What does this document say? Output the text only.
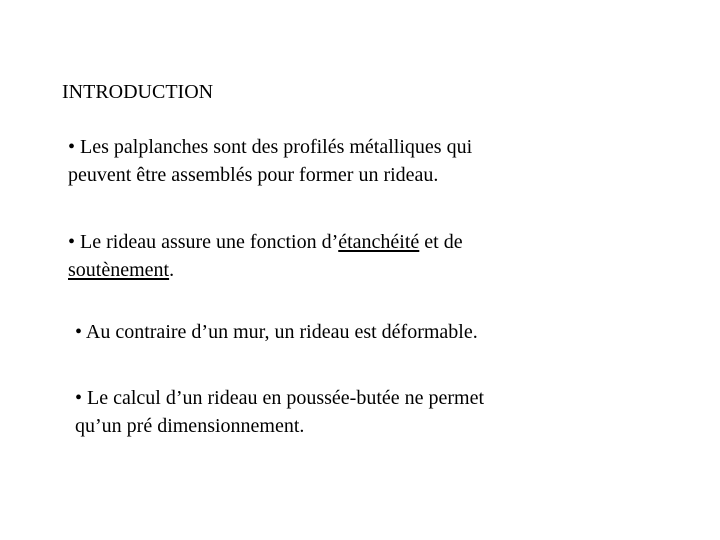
INTRODUCTION
• Les palplanches sont des profilés métalliques qui
peuvent être assemblés pour former un rideau.
• Le rideau assure une fonction d’étanchéité et de
soutènement.
• Au contraire d’un mur, un rideau est déformable.
• Le calcul d’un rideau en poussée-butée ne permet
qu’un pré dimensionnement.
